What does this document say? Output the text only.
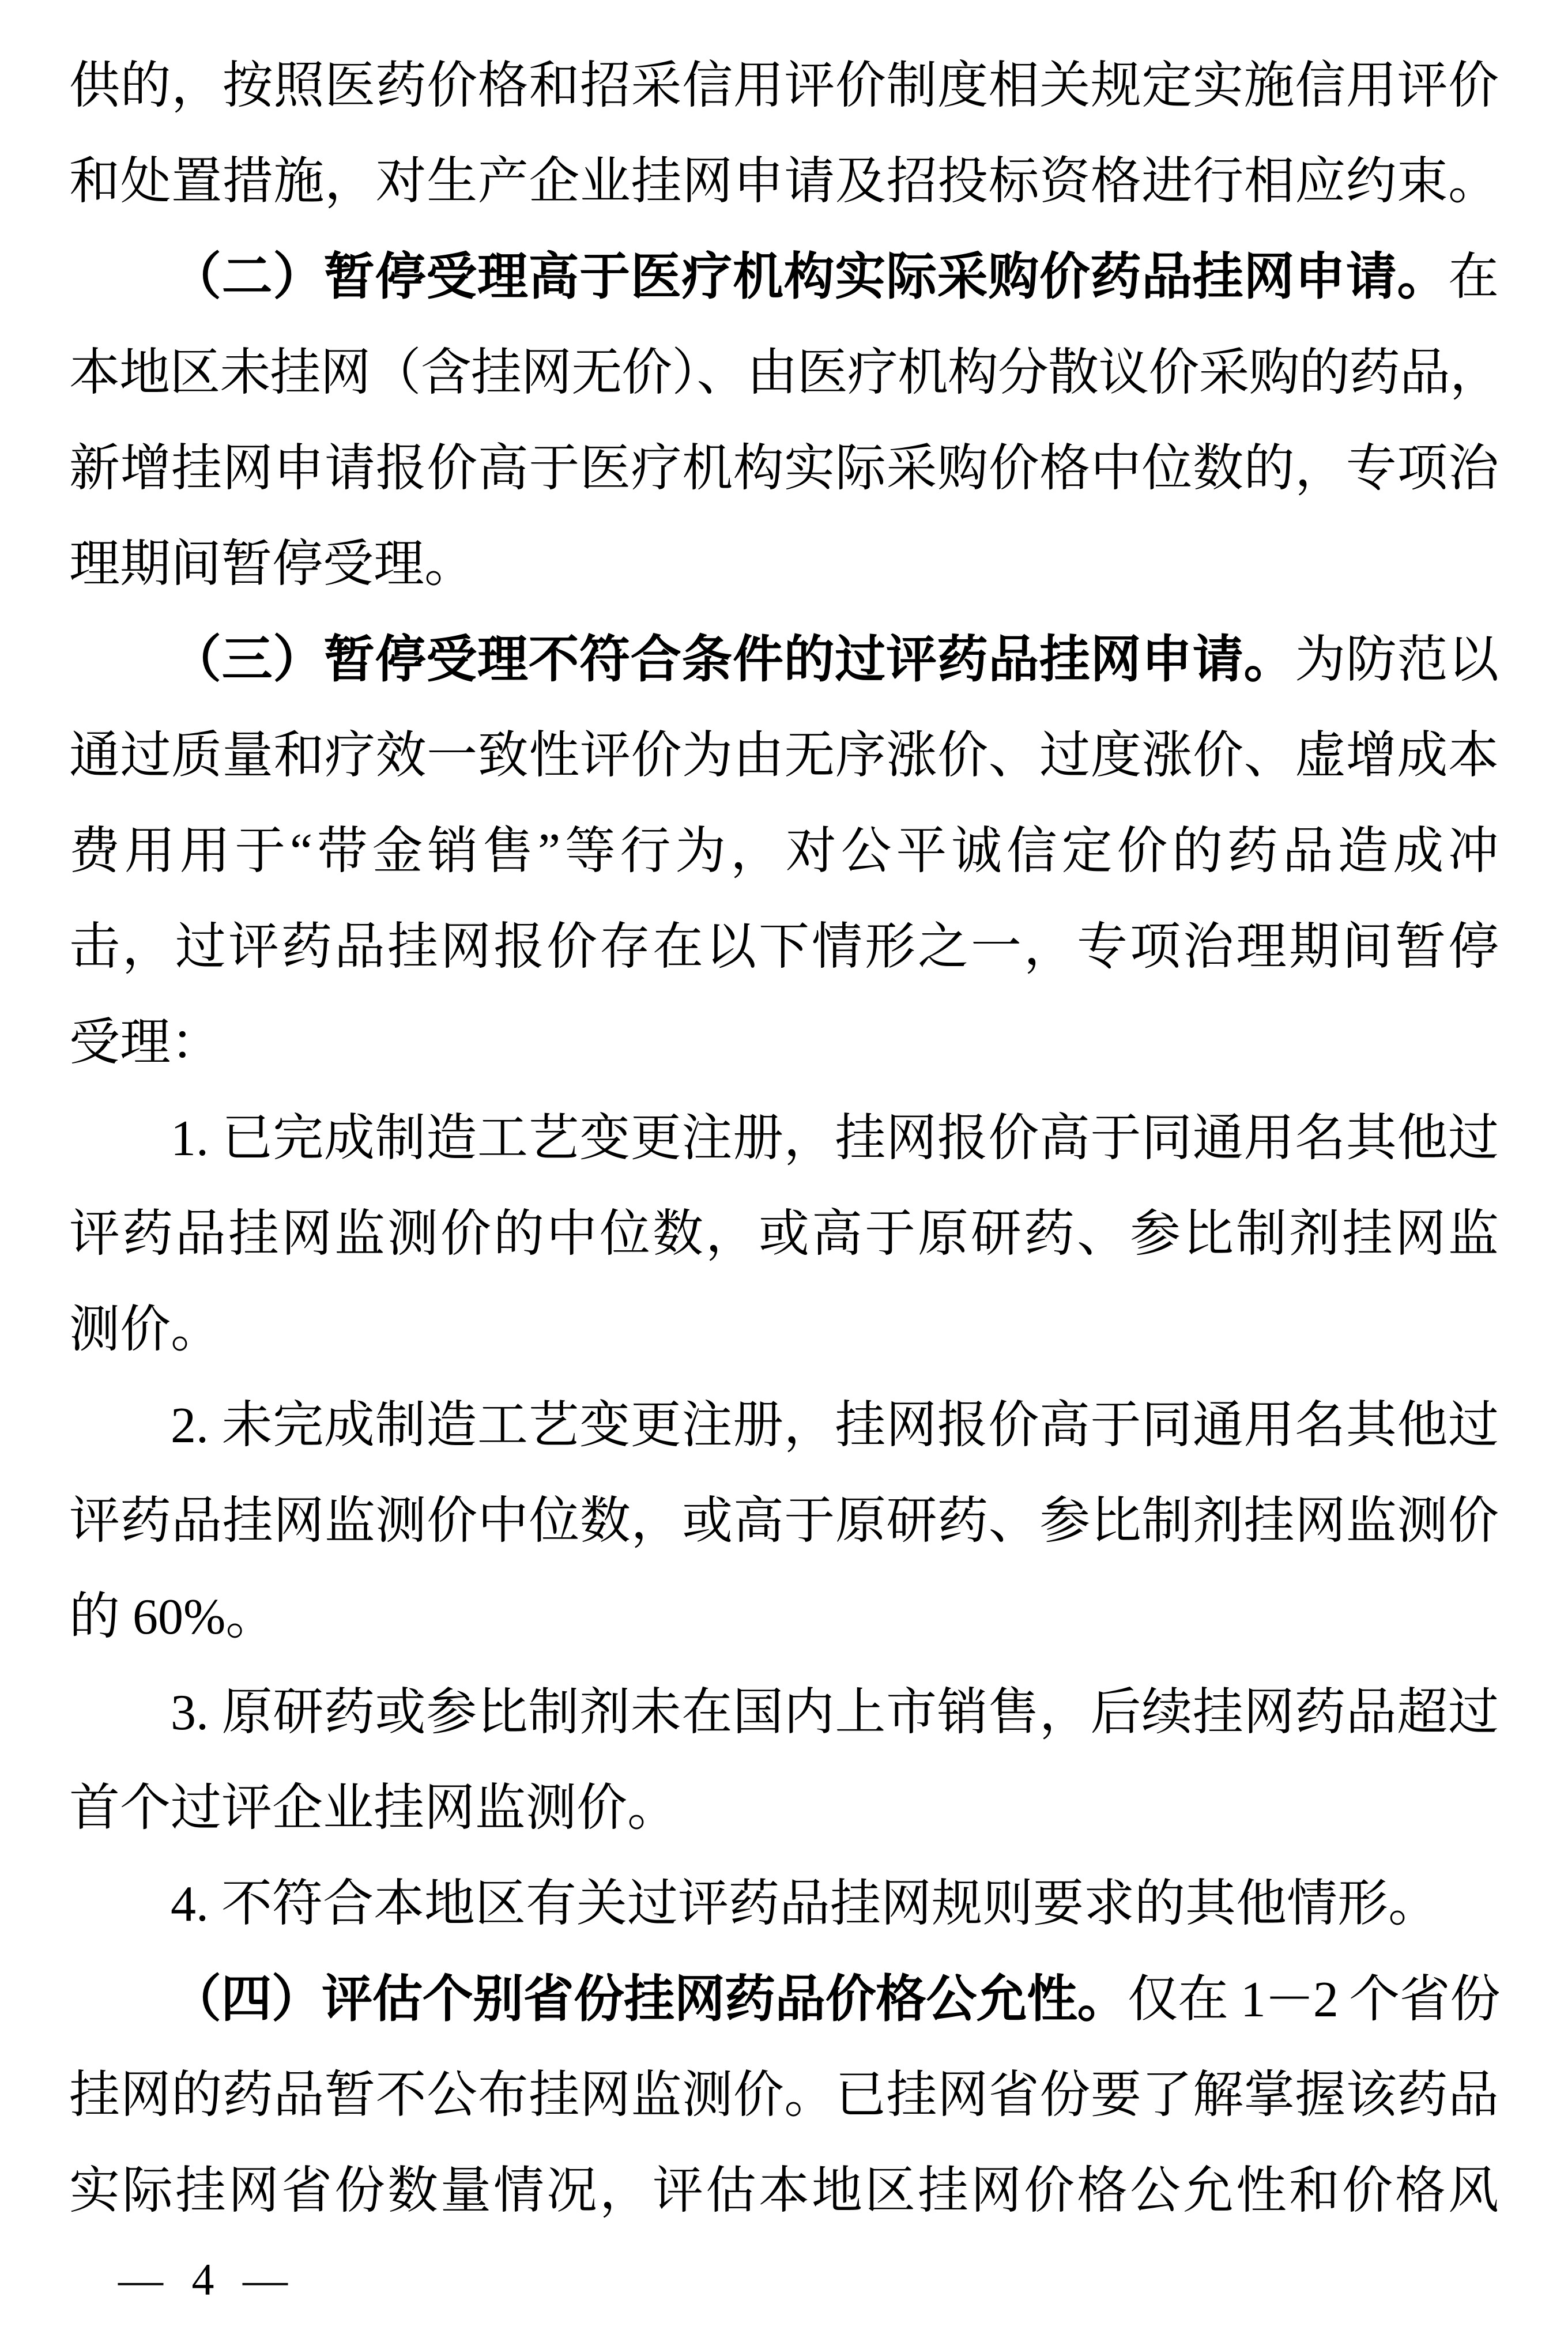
供的，按照医药价格和招采信用评价制度相关规定实施信用评价
和处置措施，对生产企业挂网申请及招投标资格进行相应约束。
（二）暂停受理高于医疗机构实际采购价药品挂网申请。在
本地区未挂网（含挂网无价）、由医疗机构分散议价采购的药品，
新增挂网申请报价高于医疗机构实际采购价格中位数的，专项治
理期间暂停受理。
（三）暂停受理不符合条件的过评药品挂网申请。为防范以
通过质量和疗效一致性评价为由无序涨价、过度涨价、虚增成本
费用用于“带金销售”等行为，对公平诚信定价的药品造成冲
击，过评药品挂网报价存在以下情形之一，专项治理期间暂停
受理：
1. 已完成制造工艺变更注册，挂网报价高于同通用名其他过
评药品挂网监测价的中位数，或高于原研药、参比制剂挂网监
测价。
2. 未完成制造工艺变更注册，挂网报价高于同通用名其他过
评药品挂网监测价中位数，或高于原研药、参比制剂挂网监测价
的 60%。
3. 原研药或参比制剂未在国内上市销售，后续挂网药品超过
首个过评企业挂网监测价。
4. 不符合本地区有关过评药品挂网规则要求的其他情形。
（四）评估个别省份挂网药品价格公允性。仅在 1－2 个省份
挂网的药品暂不公布挂网监测价。已挂网省份要了解掌握该药品
实际挂网省份数量情况，评估本地区挂网价格公允性和价格风
— 4 —
